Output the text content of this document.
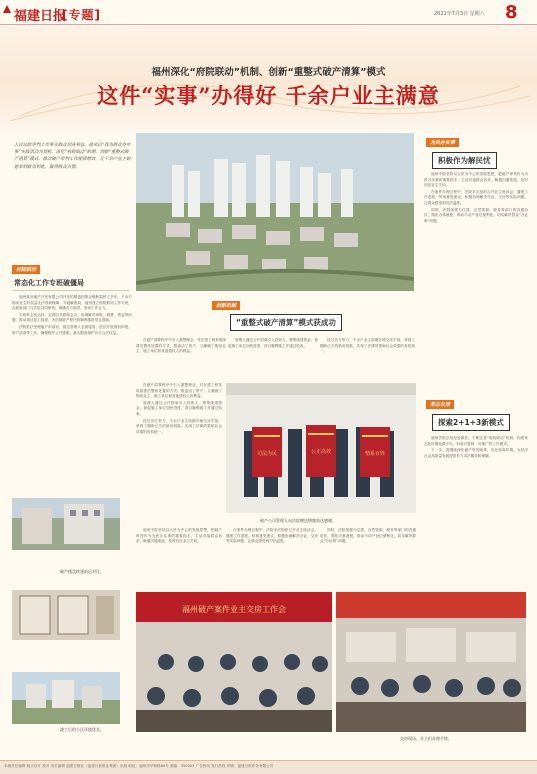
福建日报
[专题]	2021年7月3日 星期六 8
福州深化“府院联动”机制、创新“重整式破产清算”模式
这件“实事”办得好 千余户业主满意
人民法院审判工作事关群众切身利益。福州以“我为群众办实事”实践活动为契机，深化“府院联动”机制，创新“重整式破产清算”模式，推动破产审判工作提质增效，让千余户业主如愿拿到新房钥匙，赢得群众点赞。
府院联动
常态化工作专班破僵局

福州某房地产开发有限公司开发的楼盘因资金链断裂停工多年，千余户购房业主的权益无法得到保障。为破解困局，福州建立府院联动工作专班，由政府部门与法院共同研判，明确各方职责，形成工作合力。

专班常态化运转，定期召开联席会议，协调解决审批、税费、资金等问题，推动项目复工续建，为后续破产程序的顺利推进奠定基础。

法院依法受理破产申请后，指定管理人全面接管，依法开展债权申报、资产清查等工作，确保程序公开透明，最大限度保护各方合法权益。

破产楼盘续建前后对比。
竣工后的小区环境优美。
创新机制
“重整式破产清算”模式获成功

在破产清算程序中引入重整理念，对在建工程采取续建后整体处置的方式，既盘活了资产，又兼顾了购房业主、施工单位和其他债权人的利益。

管理人通过公开招募引入投资人，筹集续建资金，督促施工单位加快进度，项目顺利竣工并通过验收。

经过各方努力，千余户业主如期办理交房手续，拿到了期盼已久的新房钥匙，实现了法律效果和社会效果的有机统一。

司法为民	公正高效	情系百姓
破产公司管理人向法院赠送锦旗表达感谢。

在破产清算程序中引入重整理念，对在建工程采取续建后整体处置的方式，既盘活了资产，又兼顾了购房业主、施工单位和其他债权人的利益。

管理人通过公开招募引入投资人，筹集续建资金，督促施工单位加快进度，项目顺利竣工并通过验收。

经过各方努力，千余户业主如期办理交房手续，拿到了期盼已久的新房钥匙，实现了法律效果和社会效果的有机统一。

福州中院坚持以人民为中心的发展思想，把破产审判作为为民办实事的重要抓手，主动对接群众诉求，畅通沟通渠道，及时回应业主关切。

在案件办理过程中，法院多次组织召开业主座谈会，通报工作进展，听取意见建议，积极协调解决办证、交房等实际问题，让群众感受到司法温度。

同时，法院加强与住建、自然资源、税务等部门的沟通协作，简化办事流程，推动不动产登记便利化，切实解决群众“办证难”问题。

为民办实事
积极作为解民忧

福州中院坚持以人民为中心的发展思想，把破产审判作为为民办实事的重要抓手，主动对接群众诉求，畅通沟通渠道，及时回应业主关切。

在案件办理过程中，法院多次组织召开业主座谈会，通报工作进展，听取意见建议，积极协调解决办证、交房等实际问题，让群众感受到司法温度。

同时，法院加强与住建、自然资源、税务等部门的沟通协作，简化办事流程，推动不动产登记便利化，切实解决群众“办证难”问题。

常态长效
探索2+1+3新模式

福州法院总结经验做法，不断完善“府院联动”机制，构建常态化协调处置平台，形成可复制、可推广的工作模式。

下一步，将继续深化破产审判改革，优化营商环境，为经济社会高质量发展提供有力司法服务和保障。

福州破产案件业主交房工作会
交房现场，业主们办理手续。
本版责任编辑 版式设计 校对 美术编辑 福建日报社（福建日报报业集团）出版 地址：福州市华林路84号 邮编：350003 广告热线 发行热线 印刷：福建日报印务有限公司
